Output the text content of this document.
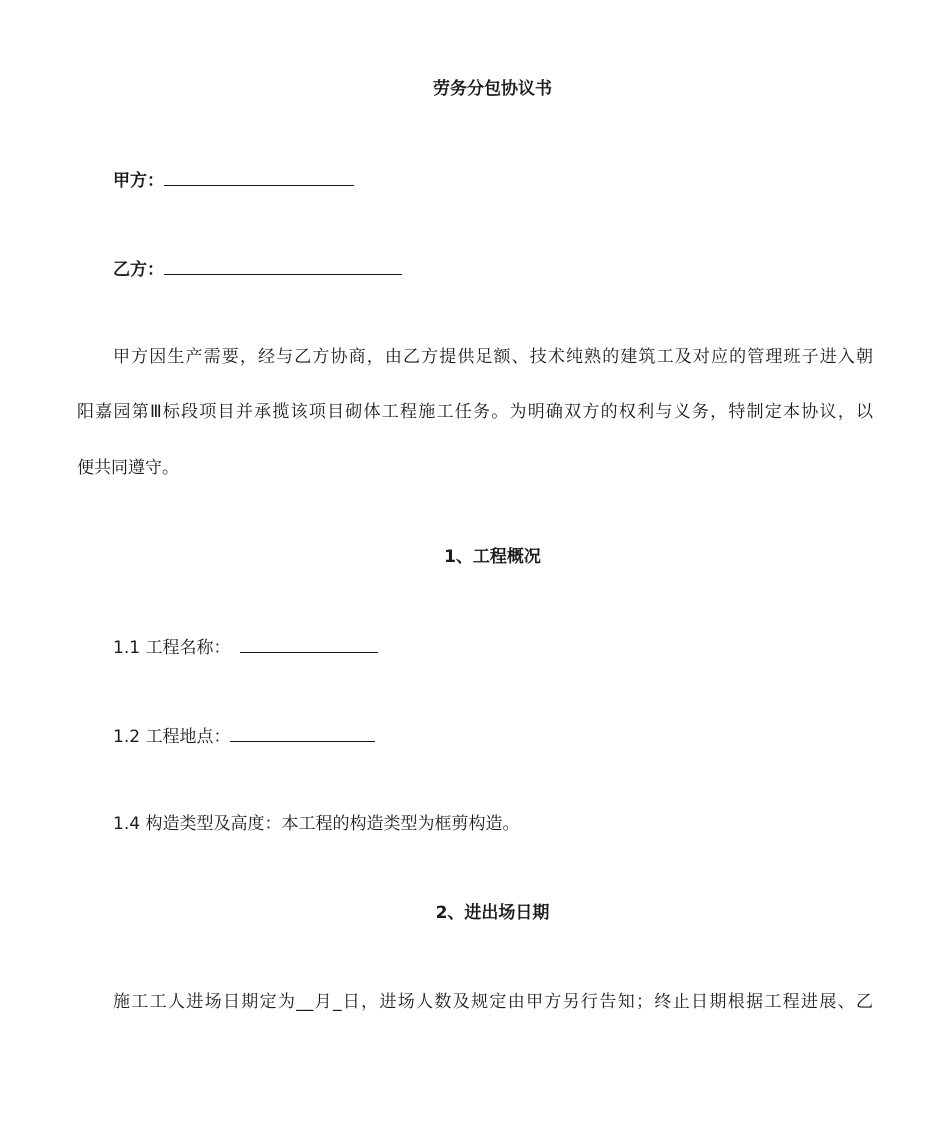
劳务分包协议书
甲方：
乙方：
甲方因生产需要，经与乙方协商，由乙方提供足额、技术纯熟的建筑工及对应的管理班子进入朝
阳嘉园第Ⅲ标段项目并承揽该项目砌体工程施工任务。为明确双方的权利与义务，特制定本协议，以
便共同遵守。
1、工程概况
1.1 工程名称：
1.2 工程地点：
1.4 构造类型及高度：本工程的构造类型为框剪构造。
2、进出场日期
施工工人进场日期定为__月_日，进场人数及规定由甲方另行告知；终止日期根据工程进展、乙
